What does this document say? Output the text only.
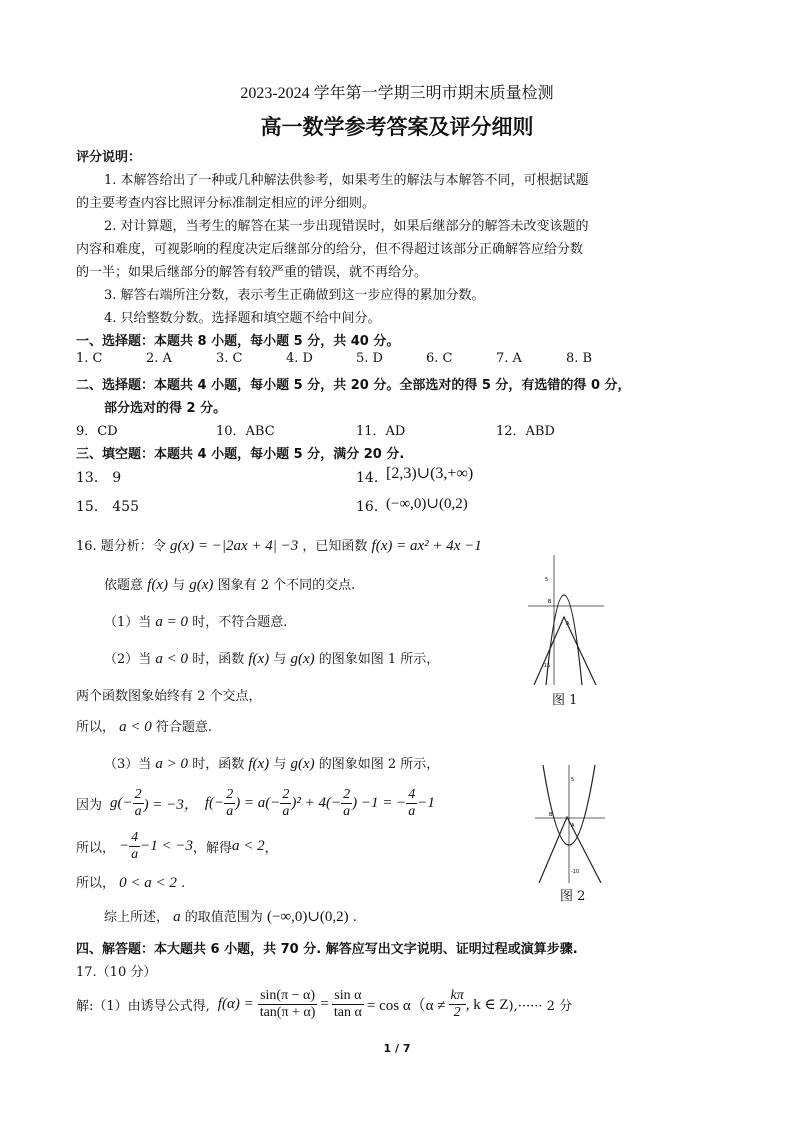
2023-2024 学年第一学期三明市期末质量检测
高一数学参考答案及评分细则
评分说明：
1. 本解答给出了一种或几种解法供参考，如果考生的解法与本解答不同，可根据试题
的主要考查内容比照评分标准制定相应的评分细则。
2. 对计算题，当考生的解答在某一步出现错误时，如果后继部分的解答未改变该题的
内容和难度，可视影响的程度决定后继部分的给分，但不得超过该部分正确解答应给分数
的一半；如果后继部分的解答有较严重的错误，就不再给分。
3. 解答右端所注分数，表示考生正确做到这一步应得的累加分数。
4. 只给整数分数。选择题和填空题不给中间分。
一、选择题：本题共 8 小题，每小题 5 分，共 40 分。
1. C	2. A	3. C	4. D	5. D	6. C	7. A	8. B
二、选择题：本题共 4 小题，每小题 5 分，共 20 分。全部选对的得 5 分，有选错的得 0 分，
部分选对的得 2 分。
9．CD	10．ABC	11．AD	12．ABD
三、填空题：本题共 4 小题，每小题 5 分，满分 20 分.
13． 9	14．
[2,3)∪(3,+∞)
15． 455	16．
(−∞,0)∪(0,2)
16. 题分析：令 g(x) = −|2ax + 4| −3 ，已知函数 f(x) = ax² + 4x −1
依题意 f(x) 与 g(x) 图象有 2 个不同的交点.
（1）当 a = 0 时，不符合题意.
（2）当 a < 0 时，函数 f(x) 与 g(x) 的图象如图 1 所示，
两个函数图象始终有 2 个交点，
所以， a < 0 符合题意.
（3）当 a > 0 时，函数 f(x) 与 g(x) 的图象如图 2 所示，
因为 $g(- \frac{2}{a}$ ) = −3， $f(- \frac{2}{a}$ ) = $a(- \frac{2}{a} )^2 + 4(- \frac{2}{a}$ ) −1 = − $\frac{4}{a} -1$
所以， − $\frac{4}{a} -1 < -3$ ，解得 a < 2 ，
所以， 0 < a < 2 .
综上所述， a 的取值范围为 (−∞,0)∪(0,2) .
5
B
A
-15
图 1
5
B
A
-10
图 2
四、解答题：本大题共 6 小题，共 70 分. 解答应写出文字说明、证明过程或演算步骤.
17.（10 分）
解:（1）由诱导公式得, $f(\alpha) = \frac{\sin(\pi - \alpha)}{\tan(\pi + \alpha)} = \frac{\text{sin α}}{\text{tan α}} = \cos \alpha(\alpha \ne \frac{k\pi}{2}$ , k ∈ Z ),······ 2 分
1 / 7
